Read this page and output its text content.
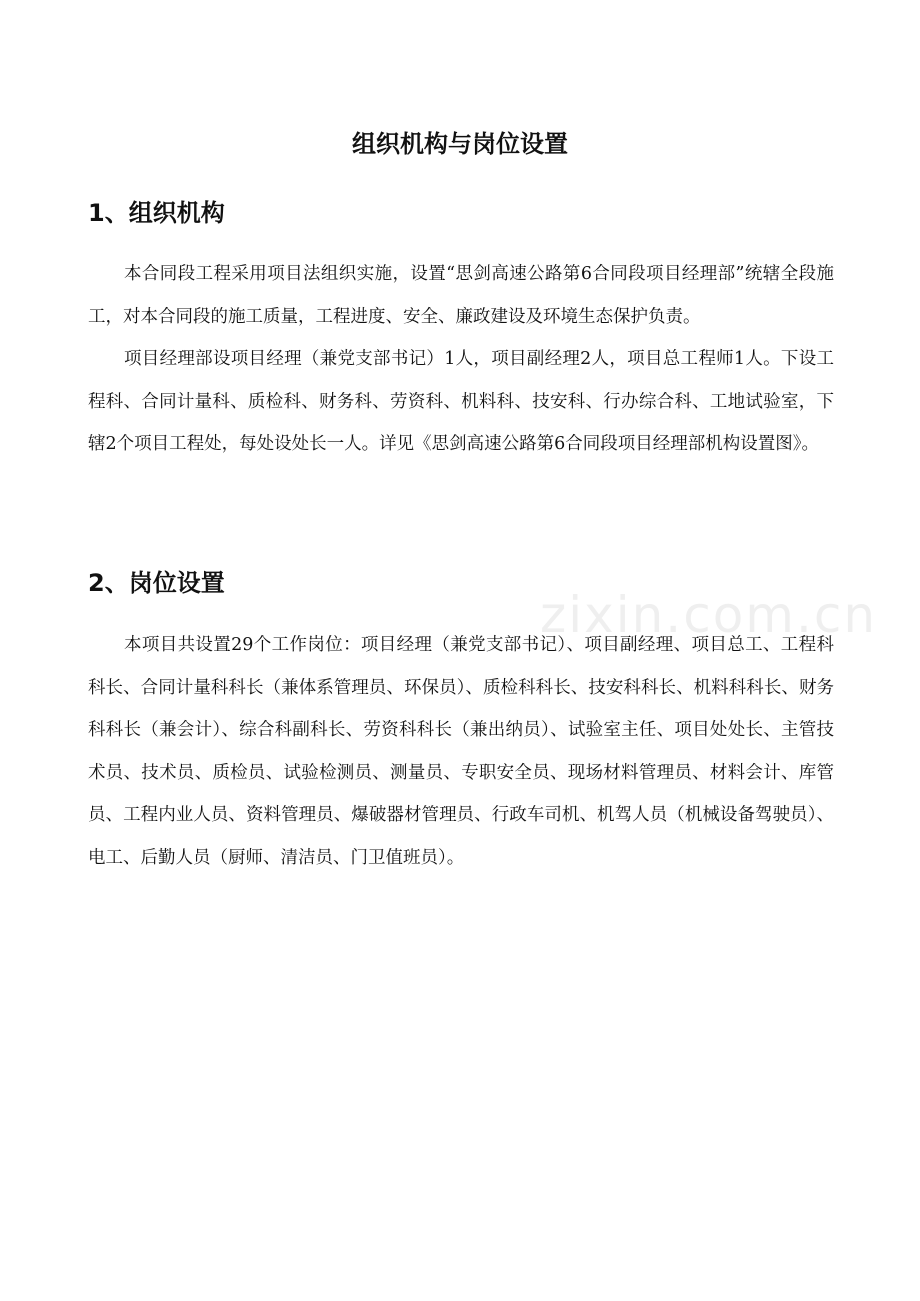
组织机构与岗位设置
1、组织机构

本合同段工程采用项目法组织实施，设置“思剑高速公路第6合同段项目经理部”统辖全段施工，对本合同段的施工质量，工程进度、安全、廉政建设及环境生态保护负责。

项目经理部设项目经理（兼党支部书记）1人，项目副经理2人，项目总工程师1人。下设工程科、合同计量科、质检科、财务科、劳资科、机料科、技安科、行办综合科、工地试验室，下辖2个项目工程处，每处设处长一人。详见《思剑高速公路第6合同段项目经理部机构设置图》。

2、岗位设置
zixin.com.cn

本项目共设置29个工作岗位：项目经理（兼党支部书记）、项目副经理、项目总工、工程科科长、合同计量科科长（兼体系管理员、环保员）、质检科科长、技安科科长、机料科科长、财务科科长（兼会计）、综合科副科长、劳资科科长（兼出纳员）、试验室主任、项目处处长、主管技术员、技术员、质检员、试验检测员、测量员、专职安全员、现场材料管理员、材料会计、库管员、工程内业人员、资料管理员、爆破器材管理员、行政车司机、机驾人员（机械设备驾驶员）、电工、后勤人员（厨师、清洁员、门卫值班员）。
